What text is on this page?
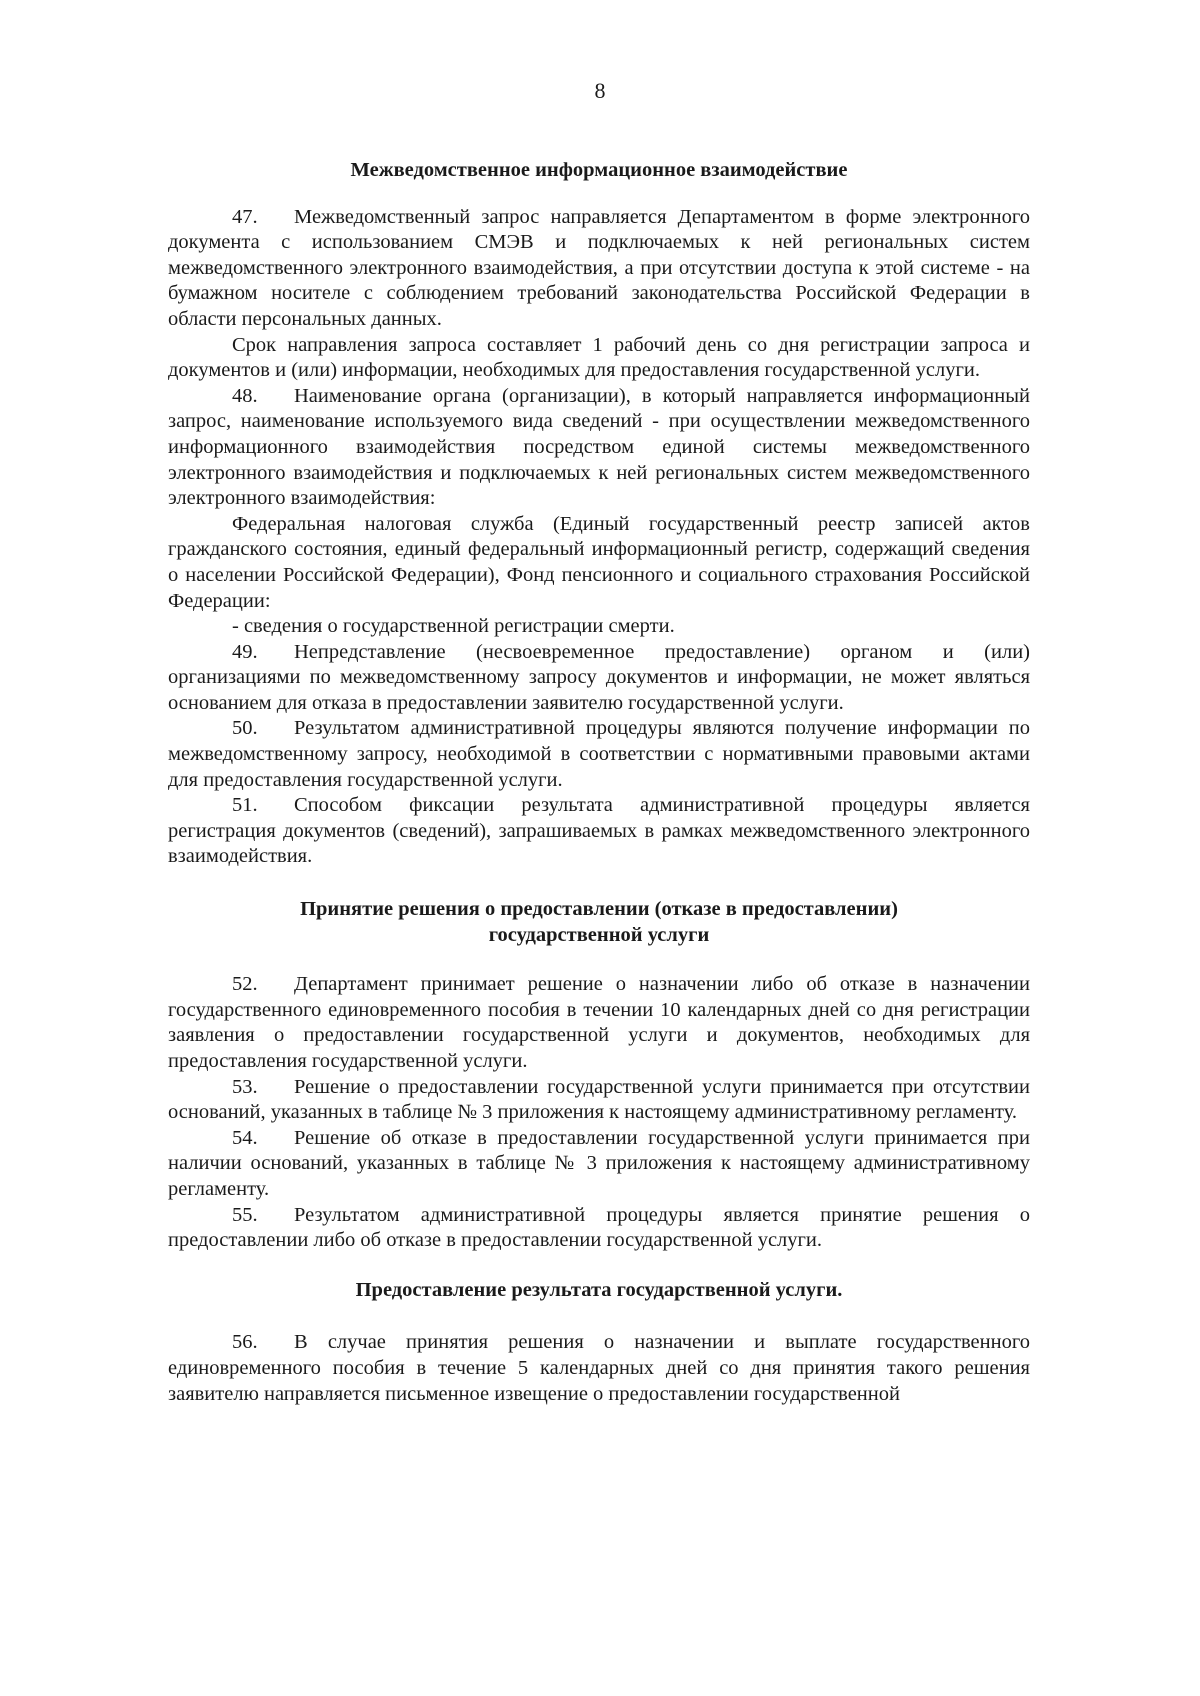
8

Межведомственное информационное взаимодействие

47. Межведомственный запрос направляется Департаментом в форме электронного документа с использованием СМЭВ и подключаемых к ней региональных систем межведомственного электронного взаимодействия, а при отсутствии доступа к этой системе - на бумажном носителе с соблюдением требований законодательства Российской Федерации в области персональных данных.

Срок направления запроса составляет 1 рабочий день со дня регистрации запроса и документов и (или) информации, необходимых для предоставления государственной услуги.

48. Наименование органа (организации), в который направляется информационный запрос, наименование используемого вида сведений - при осуществлении межведомственного информационного взаимодействия посредством единой системы межведомственного электронного взаимодействия и подключаемых к ней региональных систем межведомственного электронного взаимодействия:

Федеральная налоговая служба (Единый государственный реестр записей актов гражданского состояния, единый федеральный информационный регистр, содержащий сведения о населении Российской Федерации), Фонд пенсионного и социального страхования Российской Федерации:

- сведения о государственной регистрации смерти.

49. Непредставление (несвоевременное предоставление) органом и (или) организациями по межведомственному запросу документов и информации, не может являться основанием для отказа в предоставлении заявителю государственной услуги.

50. Результатом административной процедуры являются получение информации по межведомственному запросу, необходимой в соответствии с нормативными правовыми актами для предоставления государственной услуги.

51. Способом фиксации результата административной процедуры является регистрация документов (сведений), запрашиваемых в рамках межведомственного электронного взаимодействия.

Принятие решения о предоставлении (отказе в предоставлении)
государственной услуги

52. Департамент принимает решение о назначении либо об отказе в назначении государственного единовременного пособия в течении 10 календарных дней со дня регистрации заявления о предоставлении государственной услуги и документов, необходимых для предоставления государственной услуги.

53. Решение о предоставлении государственной услуги принимается при отсутствии оснований, указанных в таблице № 3 приложения к настоящему административному регламенту.

54. Решение об отказе в предоставлении государственной услуги принимается при наличии оснований, указанных в таблице № 3 приложения к настоящему административному регламенту.

55. Результатом административной процедуры является принятие решения о предоставлении либо об отказе в предоставлении государственной услуги.

Предоставление результата государственной услуги.

56. В случае принятия решения о назначении и выплате государственного единовременного пособия в течение 5 календарных дней со дня принятия такого решения заявителю направляется письменное извещение о предоставлении государственной
